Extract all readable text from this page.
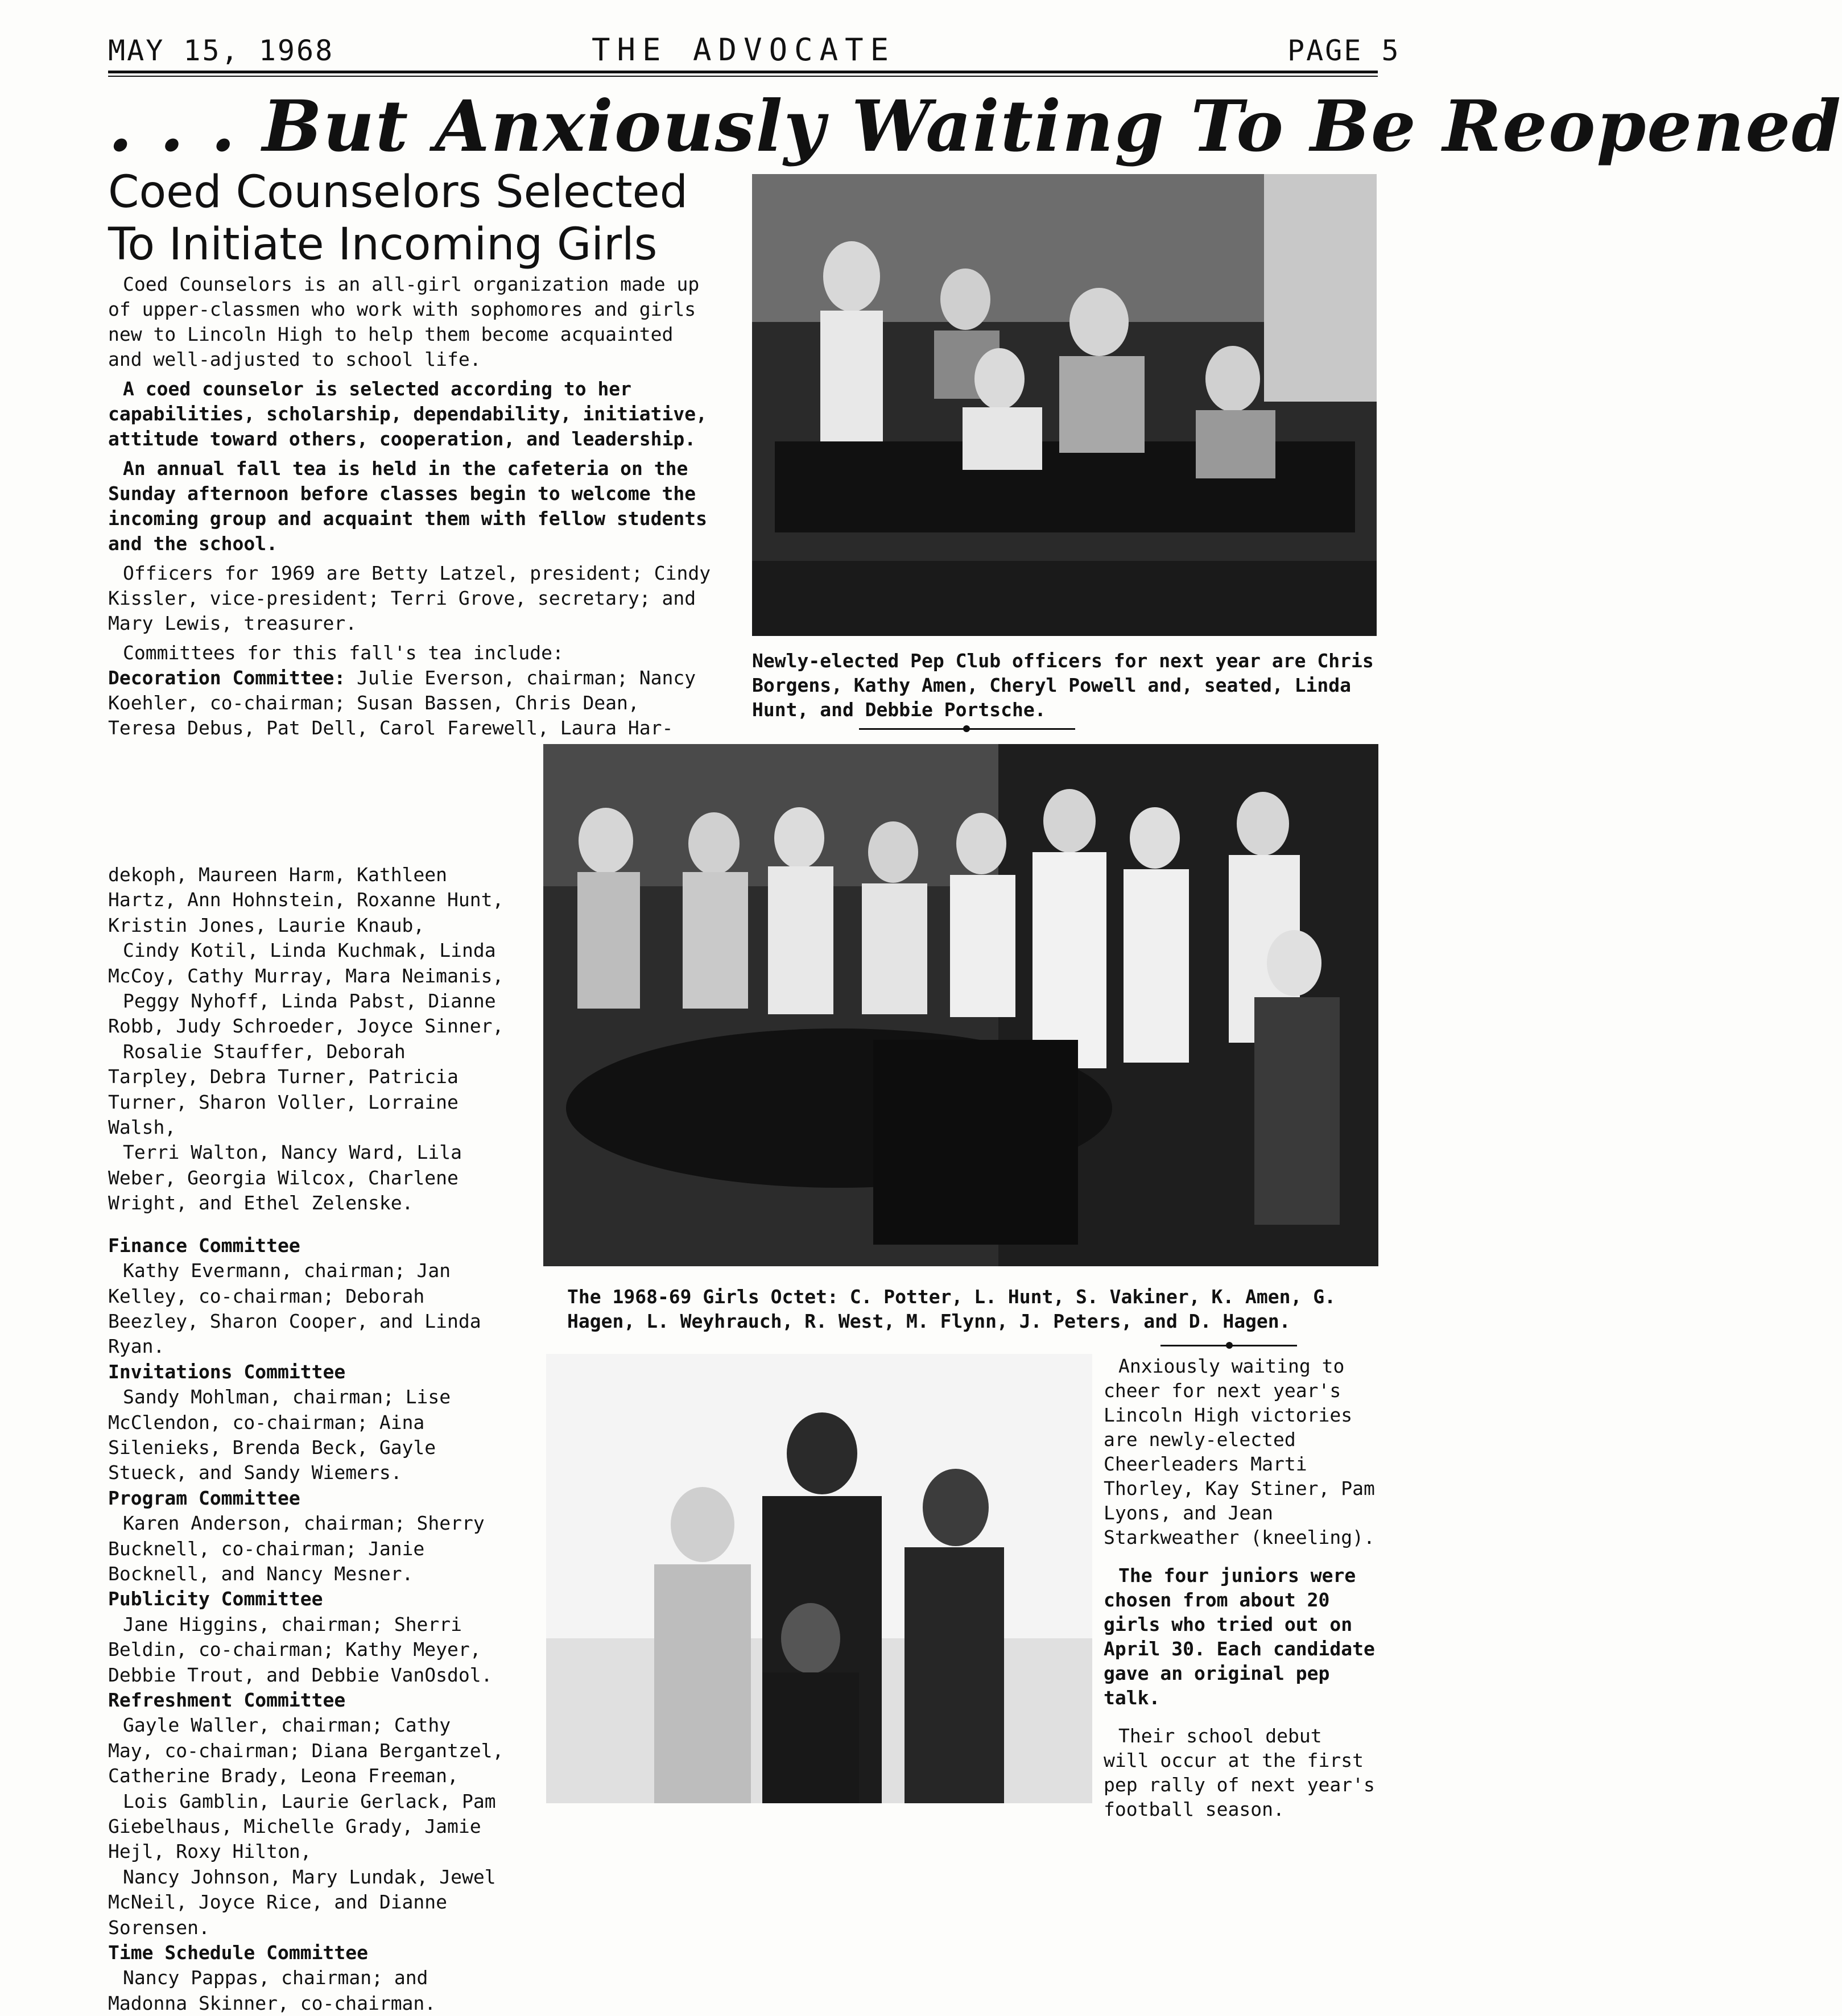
MAY 15, 1968	THE ADVOCATE	PAGE 5
. . . But Anxiously Waiting To Be Reopened
Coed Counselors Selected
To Initiate Incoming Girls

Coed Counselors is an all-girl organization made up of upper-classmen who work with sophomores and girls new to Lincoln High to help them become acquainted and well-adjusted to school life.

A coed counselor is selected according to her capabilities, scholarship, dependability, initiative, attitude toward others, cooperation, and leadership.

An annual fall tea is held in the cafeteria on the Sunday afternoon before classes begin to welcome the incoming group and acquaint them with fellow students and the school.

Officers for 1969 are Betty Latzel, president; Cindy Kissler, vice-president; Terri Grove, secretary; and Mary Lewis, treasurer.

Committees for this fall's tea include:

Decoration Committee: Julie Everson, chairman; Nancy Koehler, co-chairman; Susan Bassen, Chris Dean, Teresa Debus, Pat Dell, Carol Farewell, Laura Har-

dekoph, Maureen Harm, Kathleen Hartz, Ann Hohnstein, Roxanne Hunt, Kristin Jones, Laurie Knaub,

Cindy Kotil, Linda Kuchmak, Linda McCoy, Cathy Murray, Mara Neimanis,

Peggy Nyhoff, Linda Pabst, Dianne Robb, Judy Schroeder, Joyce Sinner,

Rosalie Stauffer, Deborah Tarpley, Debra Turner, Patricia Turner, Sharon Voller, Lorraine Walsh,

Terri Walton, Nancy Ward, Lila Weber, Georgia Wilcox, Charlene Wright, and Ethel Zelenske.

Finance Committee

Kathy Evermann, chairman; Jan Kelley, co-chairman; Deborah Beezley, Sharon Cooper, and Linda Ryan.

Invitations Committee

Sandy Mohlman, chairman; Lise McClendon, co-chairman; Aina Silenieks, Brenda Beck, Gayle Stueck, and Sandy Wiemers.

Program Committee

Karen Anderson, chairman; Sherry Bucknell, co-chairman; Janie Bocknell, and Nancy Mesner.

Publicity Committee

Jane Higgins, chairman; Sherri Beldin, co-chairman; Kathy Meyer, Debbie Trout, and Debbie VanOsdol.

Refreshment Committee

Gayle Waller, chairman; Cathy May, co-chairman; Diana Bergantzel, Catherine Brady, Leona Freeman,

Lois Gamblin, Laurie Gerlack, Pam Giebelhaus, Michelle Grady, Jamie Hejl, Roxy Hilton,

Nancy Johnson, Mary Lundak, Jewel McNeil, Joyce Rice, and Dianne Sorensen.

Time Schedule Committee

Nancy Pappas, chairman; and Madonna Skinner, co-chairman.

Newly-elected Pep Club officers for next year are Chris Borgens, Kathy Amen, Cheryl Powell and, seated, Linda Hunt, and Debbie Portsche.
The 1968-69 Girls Octet: C. Potter, L. Hunt, S. Vakiner, K. Amen, G. Hagen, L. Weyhrauch, R. West, M. Flynn, J. Peters, and D. Hagen.

Anxiously waiting to cheer for next year's Lincoln High victories are newly-elected Cheerleaders Marti Thorley, Kay Stiner, Pam Lyons, and Jean Starkweather (kneeling).

The four juniors were chosen from about 20 girls who tried out on April 30. Each candidate gave an original pep talk.

Their school debut will occur at the first pep rally of next year's football season.
